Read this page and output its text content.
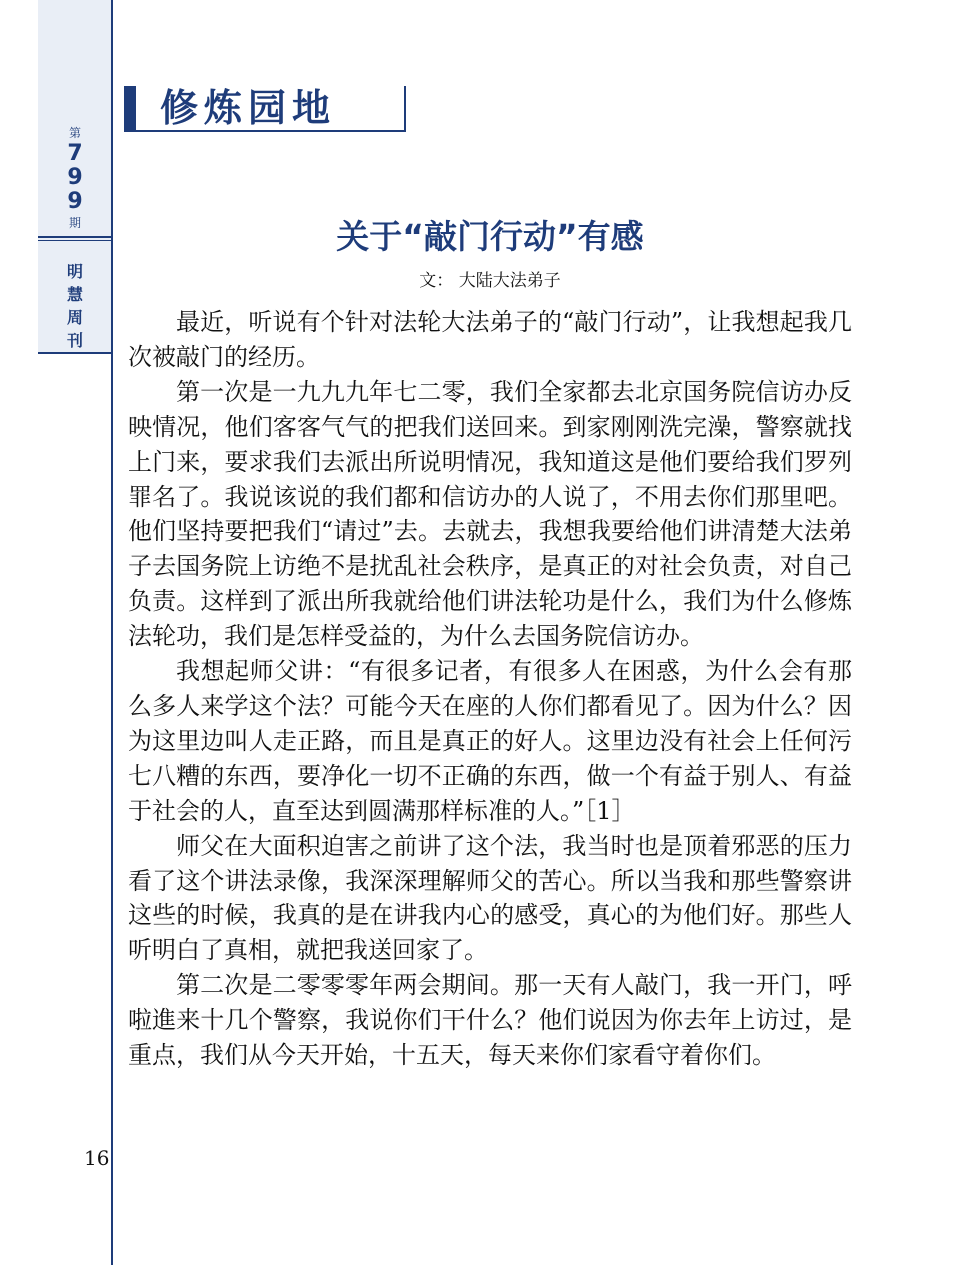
第
7
9
9
期
明
慧
周
刊
修炼园地
关于“敲门行动”有感
文： 大陆大法弟子

最近，听说有个针对法轮大法弟子的“敲门行动”，让我想起我几次被敲门的经历。

第一次是一九九九年七二零，我们全家都去北京国务院信访办反映情况，他们客客气气的把我们送回来。到家刚刚洗完澡，警察就找上门来，要求我们去派出所说明情况，我知道这是他们要给我们罗列罪名了。我说该说的我们都和信访办的人说了，不用去你们那里吧。他们坚持要把我们“请过”去。去就去，我想我要给他们讲清楚大法弟子去国务院上访绝不是扰乱社会秩序，是真正的对社会负责，对自己负责。这样到了派出所我就给他们讲法轮功是什么，我们为什么修炼法轮功，我们是怎样受益的，为什么去国务院信访办。

我想起师父讲：“有很多记者，有很多人在困惑，为什么会有那么多人来学这个法？可能今天在座的人你们都看见了。因为什么？因为这里边叫人走正路，而且是真正的好人。这里边没有社会上任何污七八糟的东西，要净化一切不正确的东西，做一个有益于别人、有益于社会的人，直至达到圆满那样标准的人。”［1］

师父在大面积迫害之前讲了这个法，我当时也是顶着邪恶的压力看了这个讲法录像，我深深理解师父的苦心。所以当我和那些警察讲这些的时候，我真的是在讲我内心的感受，真心的为他们好。那些人听明白了真相，就把我送回家了。

第二次是二零零零年两会期间。那一天有人敲门，我一开门，呼啦進来十几个警察，我说你们干什么？他们说因为你去年上访过，是重点，我们从今天开始，十五天，每天来你们家看守着你们。

16
